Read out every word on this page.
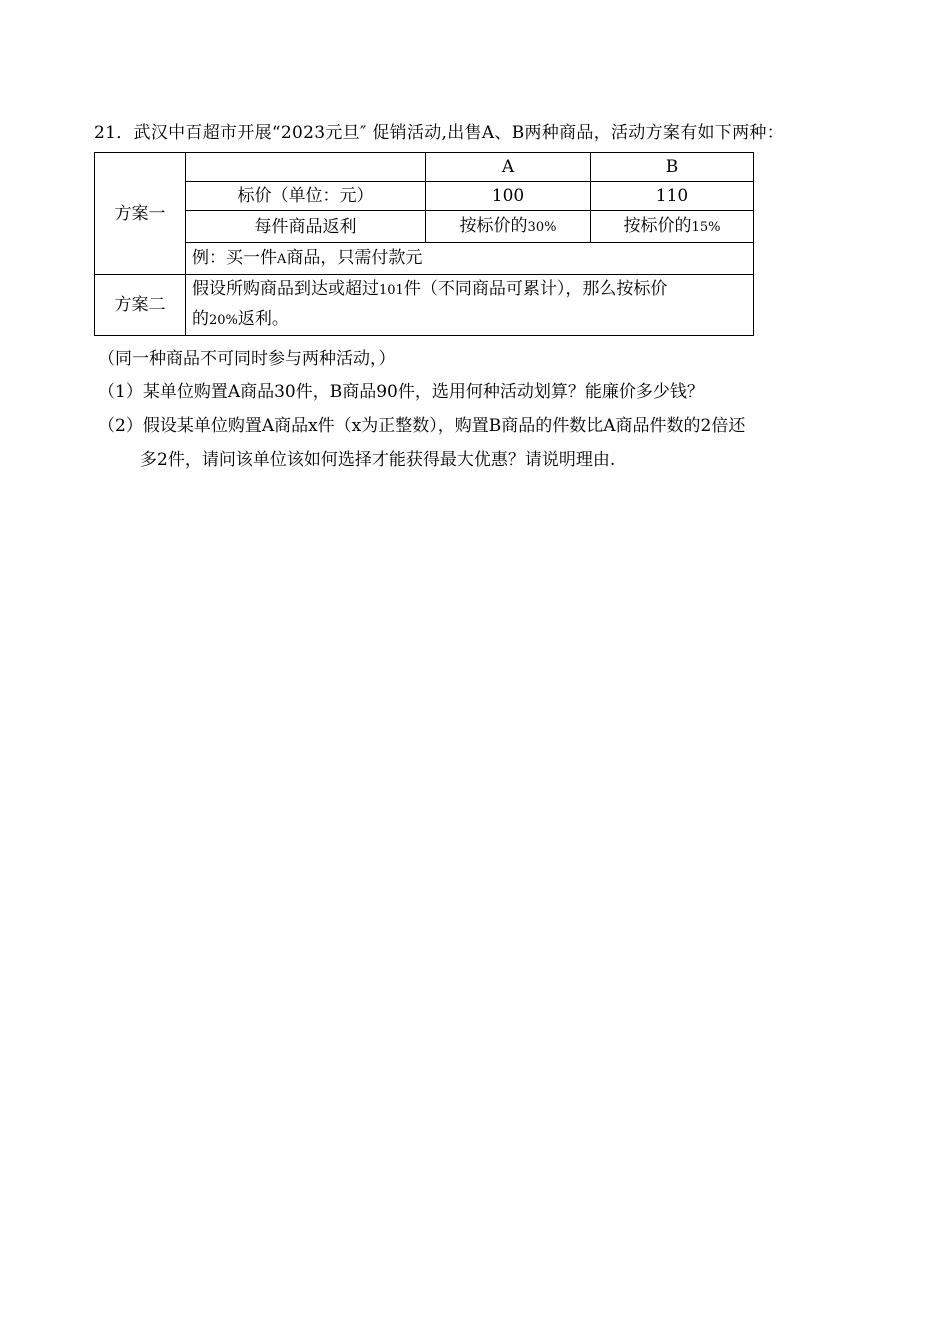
21．武汉中百超市开展“2023元旦″ 促销活动,出售A、B两种商品，活动方案有如下两种：
方案一		A	B
	标价（单位：元）	100	110
	每件商品返利	按标价的30%	按标价的15%
	例：买一件A商品，只需付款元		
方案二	假设所购商品到达或超过101件（不同商品可累计），那么按标价
的20%返利。		
（同一种商品不可同时参与两种活动，）
（1）某单位购置A商品30件，B商品90件，选用何种活动划算？能廉价多少钱？
（2）假设某单位购置A商品x件（x为正整数），购置B商品的件数比A商品件数的2倍还
多2件，请问该单位该如何选择才能获得最大优惠？请说明理由.
